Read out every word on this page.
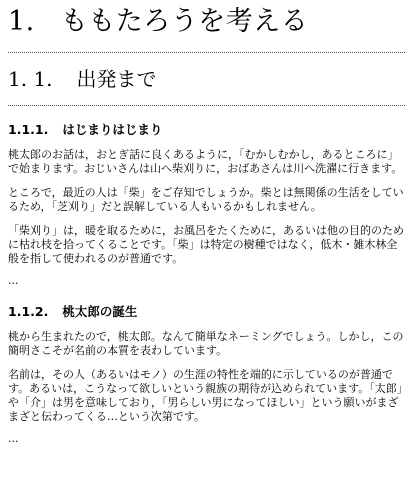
1. ももたろうを考える
1. 1. 出発まで
1.1.1. はじまりはじまり

桃太郎のお話は，おとぎ話に良くあるように，「むかしむかし，あるところに」で始まります。おじいさんは山へ柴刈りに，おばあさんは川へ洗濯に行きます。

ところで，最近の人は「柴」をご存知でしょうか。柴とは無関係の生活をしているため，「芝刈り」だと誤解している人もいるかもしれません。

「柴刈り」は，暖を取るために，お風呂をたくために，あるいは他の目的のために枯れ枝を拾ってくることです。「柴」は特定の樹種ではなく，低木・雑木林全般を指して使われるのが普通です。

...

1.1.2. 桃太郎の誕生

桃から生まれたので，桃太郎。なんて簡単なネーミングでしょう。しかし，この簡明さこそが名前の本質を表わしています。

名前は，その人（あるいはモノ）の生涯の特性を端的に示しているのが普通です。あるいは，こうなって欲しいという親族の期待が込められています。「太郎」や「介」は男を意味しており，「男らしい男になってほしい」という願いがまざまざと伝わってくる…という次第です。

...
